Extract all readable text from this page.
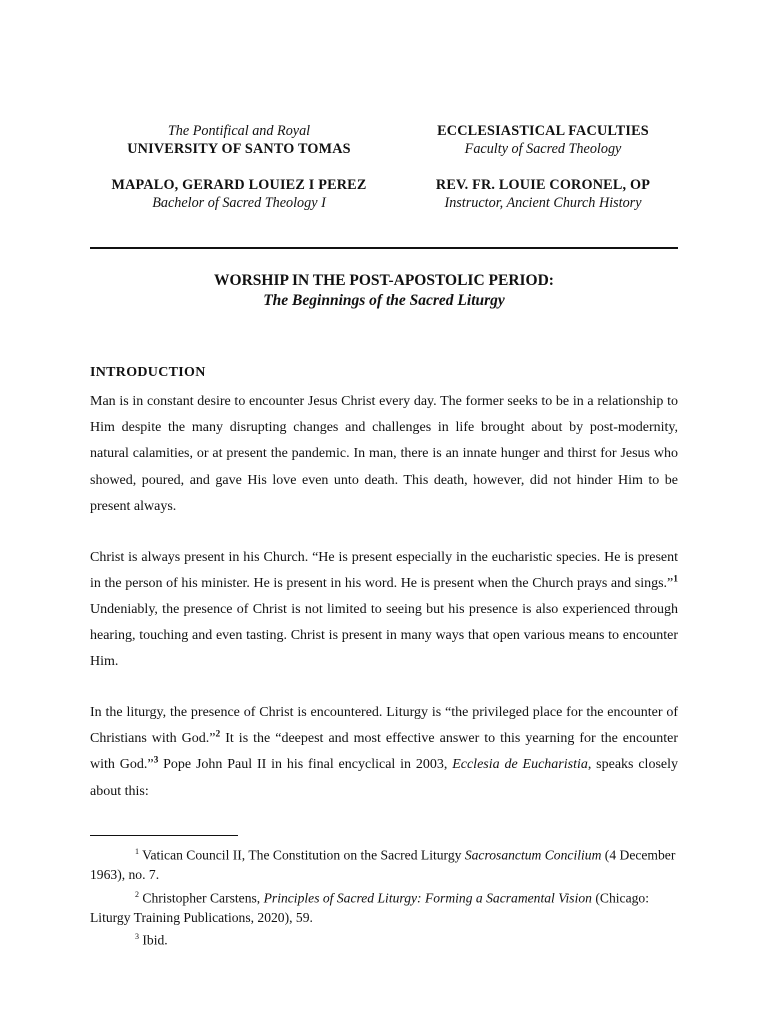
The Pontifical and Royal
UNIVERSITY OF SANTO TOMAS
ECCLESIASTICAL FACULTIES
Faculty of Sacred Theology
MAPALO, GERARD LOUIEZ I PEREZ
Bachelor of Sacred Theology I
REV. FR. LOUIE CORONEL, OP
Instructor, Ancient Church History
WORSHIP IN THE POST-APOSTOLIC PERIOD:
The Beginnings of the Sacred Liturgy
INTRODUCTION

Man is in constant desire to encounter Jesus Christ every day. The former seeks to be in a relationship to Him despite the many disrupting changes and challenges in life brought about by post-modernity, natural calamities, or at present the pandemic. In man, there is an innate hunger and thirst for Jesus who showed, poured, and gave His love even unto death. This death, however, did not hinder Him to be present always.

Christ is always present in his Church. “He is present especially in the eucharistic species. He is present in the person of his minister. He is present in his word. He is present when the Church prays and sings.”$^1$ Undeniably, the presence of Christ is not limited to seeing but his presence is also experienced through hearing, touching and even tasting. Christ is present in many ways that open various means to encounter Him.

In the liturgy, the presence of Christ is encountered. Liturgy is “the privileged place for the encounter of Christians with God.”$^2$ It is the “deepest and most effective answer to this yearning for the encounter with God.”$^3$ Pope John Paul II in his final encyclical in 2003, Ecclesia de Eucharistia, speaks closely about this:

$^1$ Vatican Council II, The Constitution on the Sacred Liturgy Sacrosanctum Concilium (4 December 1963), no. 7.

$^2$ Christopher Carstens, Principles of Sacred Liturgy: Forming a Sacramental Vision (Chicago: Liturgy Training Publications, 2020), 59.

$^3$ Ibid.
